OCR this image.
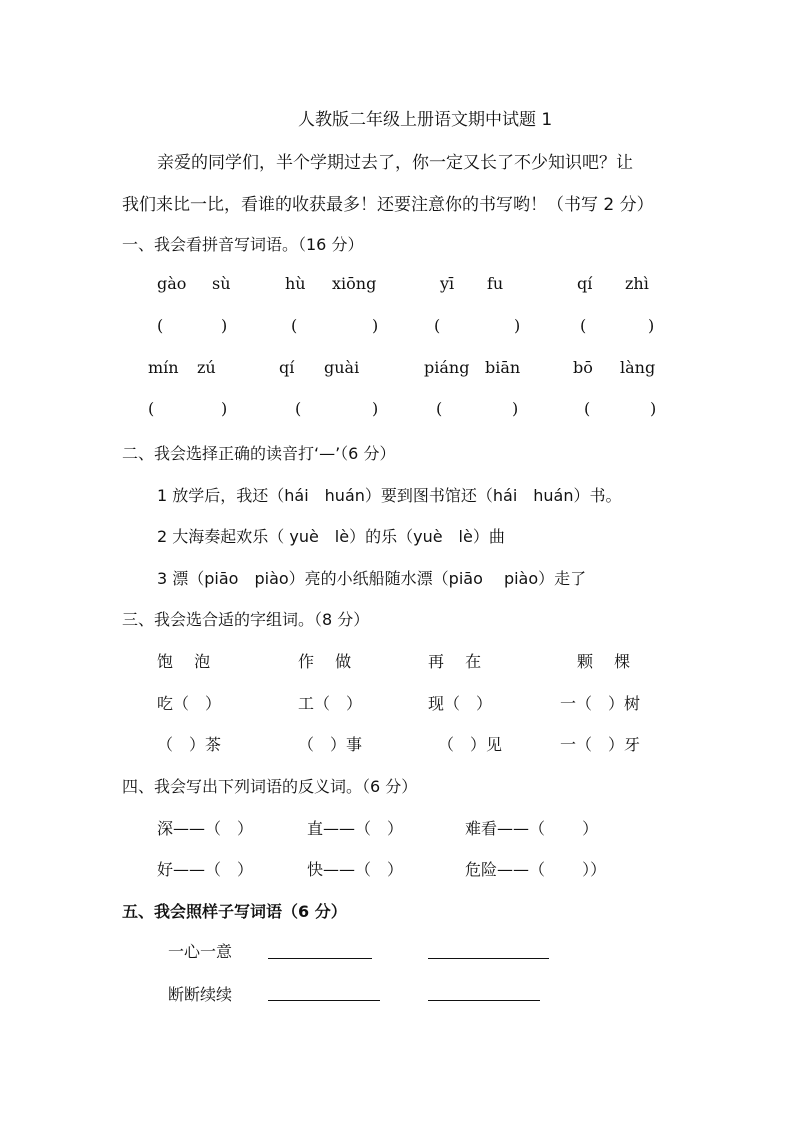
人教版二年级上册语文期中试题 1
亲爱的同学们，半个学期过去了，你一定又长了不少知识吧？让
我们来比一比，看谁的收获最多！还要注意你的书写哟！（书写 2 分）
一、我会看拼音写词语。（16 分）
gào sù	hù xiōng	yī fu	qí zhì
(	)	(	)	(	)	(	)
mín zú	qí guài	piáng biān	bō làng
(	)	(	)	(	)	(	)
二、我会选择正确的读音打‘—’（6 分）
1 放学后，我还（hái　huán）要到图书馆还（hái　huán）书。
2 大海奏起欢乐（ yuè　lè）的乐（yuè　lè）曲
3 漂（piāo　piào）亮的小纸船随水漂（piāo　 piào）走了
三、我会选合适的字组词。（8 分）
饱　 泡	作　 做	再　 在	颗　 棵
吃（　）	工（　）	现（　）	一（　）树
（　）茶	（　）事	（　）见	一（　）牙
四、我会写出下列词语的反义词。（6 分）
深——（　）	直——（　）	难看——（　　 ）
好——（　）	快——（　）	危险——（　　 ））
五、我会照样子写词语（6 分）
一心一意
断断续续
